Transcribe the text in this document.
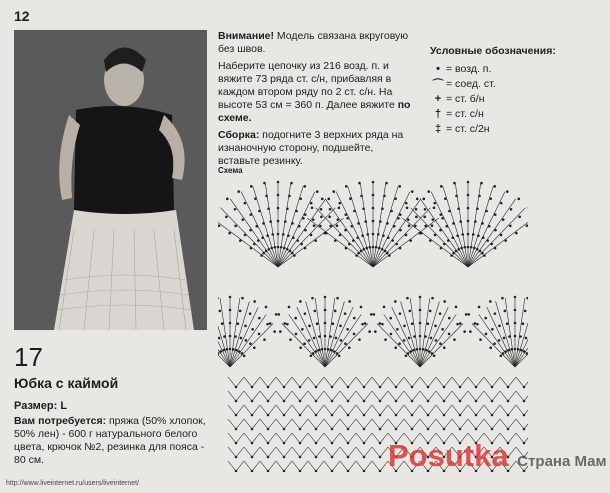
12
17
Юбка с каймой
Размер: L
Вам потребуется: пряжа (50% хлопок, 50% лен) - 600 г натурального белого цвета, крючок №2, резинка для пояса - 80 см.

Внимание! Модель связана вкруговую без швов.

Наберите цепочку из 216 возд. п. и вяжите 73 ряда ст. с/н, прибавляя в каждом втором ряду по 2 ст. с/н. На высоте 53 см = 360 п. Далее вяжите по схеме.

Сборка: подогните 3 верхних ряда на изнаночную сторону, подшейте, вставьте резинку.

Условные обозначения:
• = возд. п.
⌒ = соед. ст.
+ = ст. б/н
† = ст. с/н
‡ = ст. с/2н
Схема
http://www.liveinternet.ru/users/liveinternet/
Posutka Страна Мам
